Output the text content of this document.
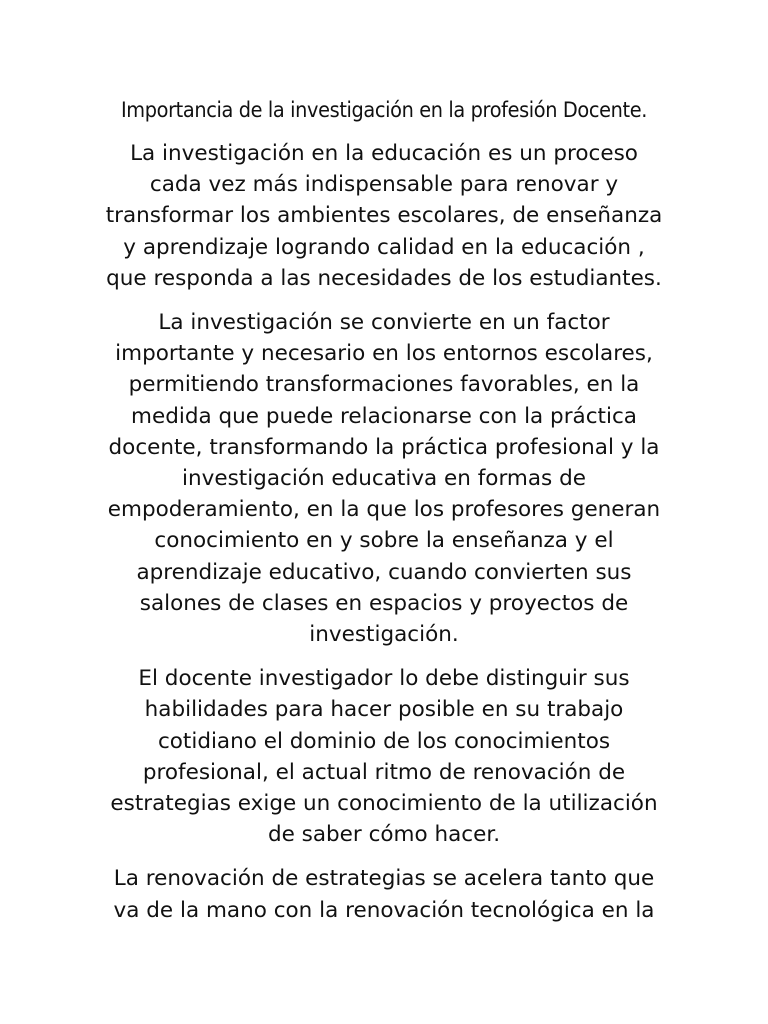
Importancia de la investigación en la profesión Docente.

La investigación en la educación es un proceso
cada vez más indispensable para renovar y
transformar los ambientes escolares, de enseñanza
y aprendizaje logrando calidad en la educación ,
que responda a las necesidades de los estudiantes.

La investigación se convierte en un factor
importante y necesario en los entornos escolares,
permitiendo transformaciones favorables, en la
medida que puede relacionarse con la práctica
docente, transformando la práctica profesional y la
investigación educativa en formas de
empoderamiento, en la que los profesores generan
conocimiento en y sobre la enseñanza y el
aprendizaje educativo, cuando convierten sus
salones de clases en espacios y proyectos de
investigación.

El docente investigador lo debe distinguir sus
habilidades para hacer posible en su trabajo
cotidiano el dominio de los conocimientos
profesional, el actual ritmo de renovación de
estrategias exige un conocimiento de la utilización
de saber cómo hacer.

La renovación de estrategias se acelera tanto que
va de la mano con la renovación tecnológica en la
